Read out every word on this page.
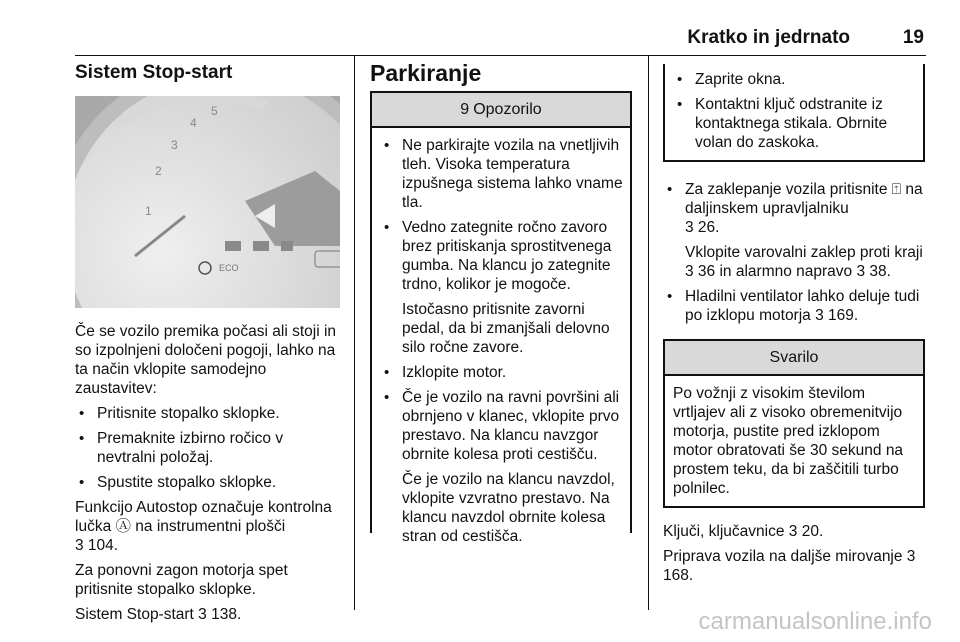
Kratko in jedrnato	19
Sistem Stop-start
1
2
3
4
5
ECO

Če se vozilo premika počasi ali stoji in so izpolnjeni določeni pogoji, lahko na ta način vklopite samodejno zaustavitev:

• Pritisnite stopalko sklopke.
• Premaknite izbirno ročico v nevtralni položaj.
• Spustite stopalko sklopke.

Funkcijo Autostop označuje kontrolna lučka Ⓐ na instrumentni plošči
3 104.

Za ponovni zagon motorja spet pritisnite stopalko sklopke.

Sistem Stop-start 3 138.

Parkiranje
9 Opozorilo
• Ne parkirajte vozila na vnetljivih tleh. Visoka temperatura izpušnega sistema lahko vname tla.
• Vedno zategnite ročno zavoro brez pritiskanja sprostitvenega gumba. Na klancu jo zategnite trdno, kolikor je mogoče.
Istočasno pritisnite zavorni pedal, da bi zmanjšali delovno silo ročne zavore.
• Izklopite motor.
• Če je vozilo na ravni površini ali obrnjeno v klanec, vklopite prvo prestavo. Na klancu navzgor obrnite kolesa proti cestišču.
Če je vozilo na klancu navzdol, vklopite vzvratno prestavo. Na klancu navzdol obrnite kolesa stran od cestišča.
• Zaprite okna.
• Kontaktni ključ odstranite iz kontaktnega stikala. Obrnite volan do zaskoka.
• Za zaklepanje vozila pritisnite ⍐ na daljinskem upravljalniku
3 26.
Vklopite varovalni zaklep proti kraji 3 36 in alarmno napravo 3 38.
• Hladilni ventilator lahko deluje tudi po izklopu motorja 3 169.
Svarilo
Po vožnji z visokim številom vrtljajev ali z visoko obremenitvijo motorja, pustite pred izklopom motor obratovati še 30 sekund na prostem teku, da bi zaščitili turbo polnilec.

Ključi, ključavnice 3 20.

Priprava vozila na daljše mirovanje 3 168.

carmanualsonline.info
